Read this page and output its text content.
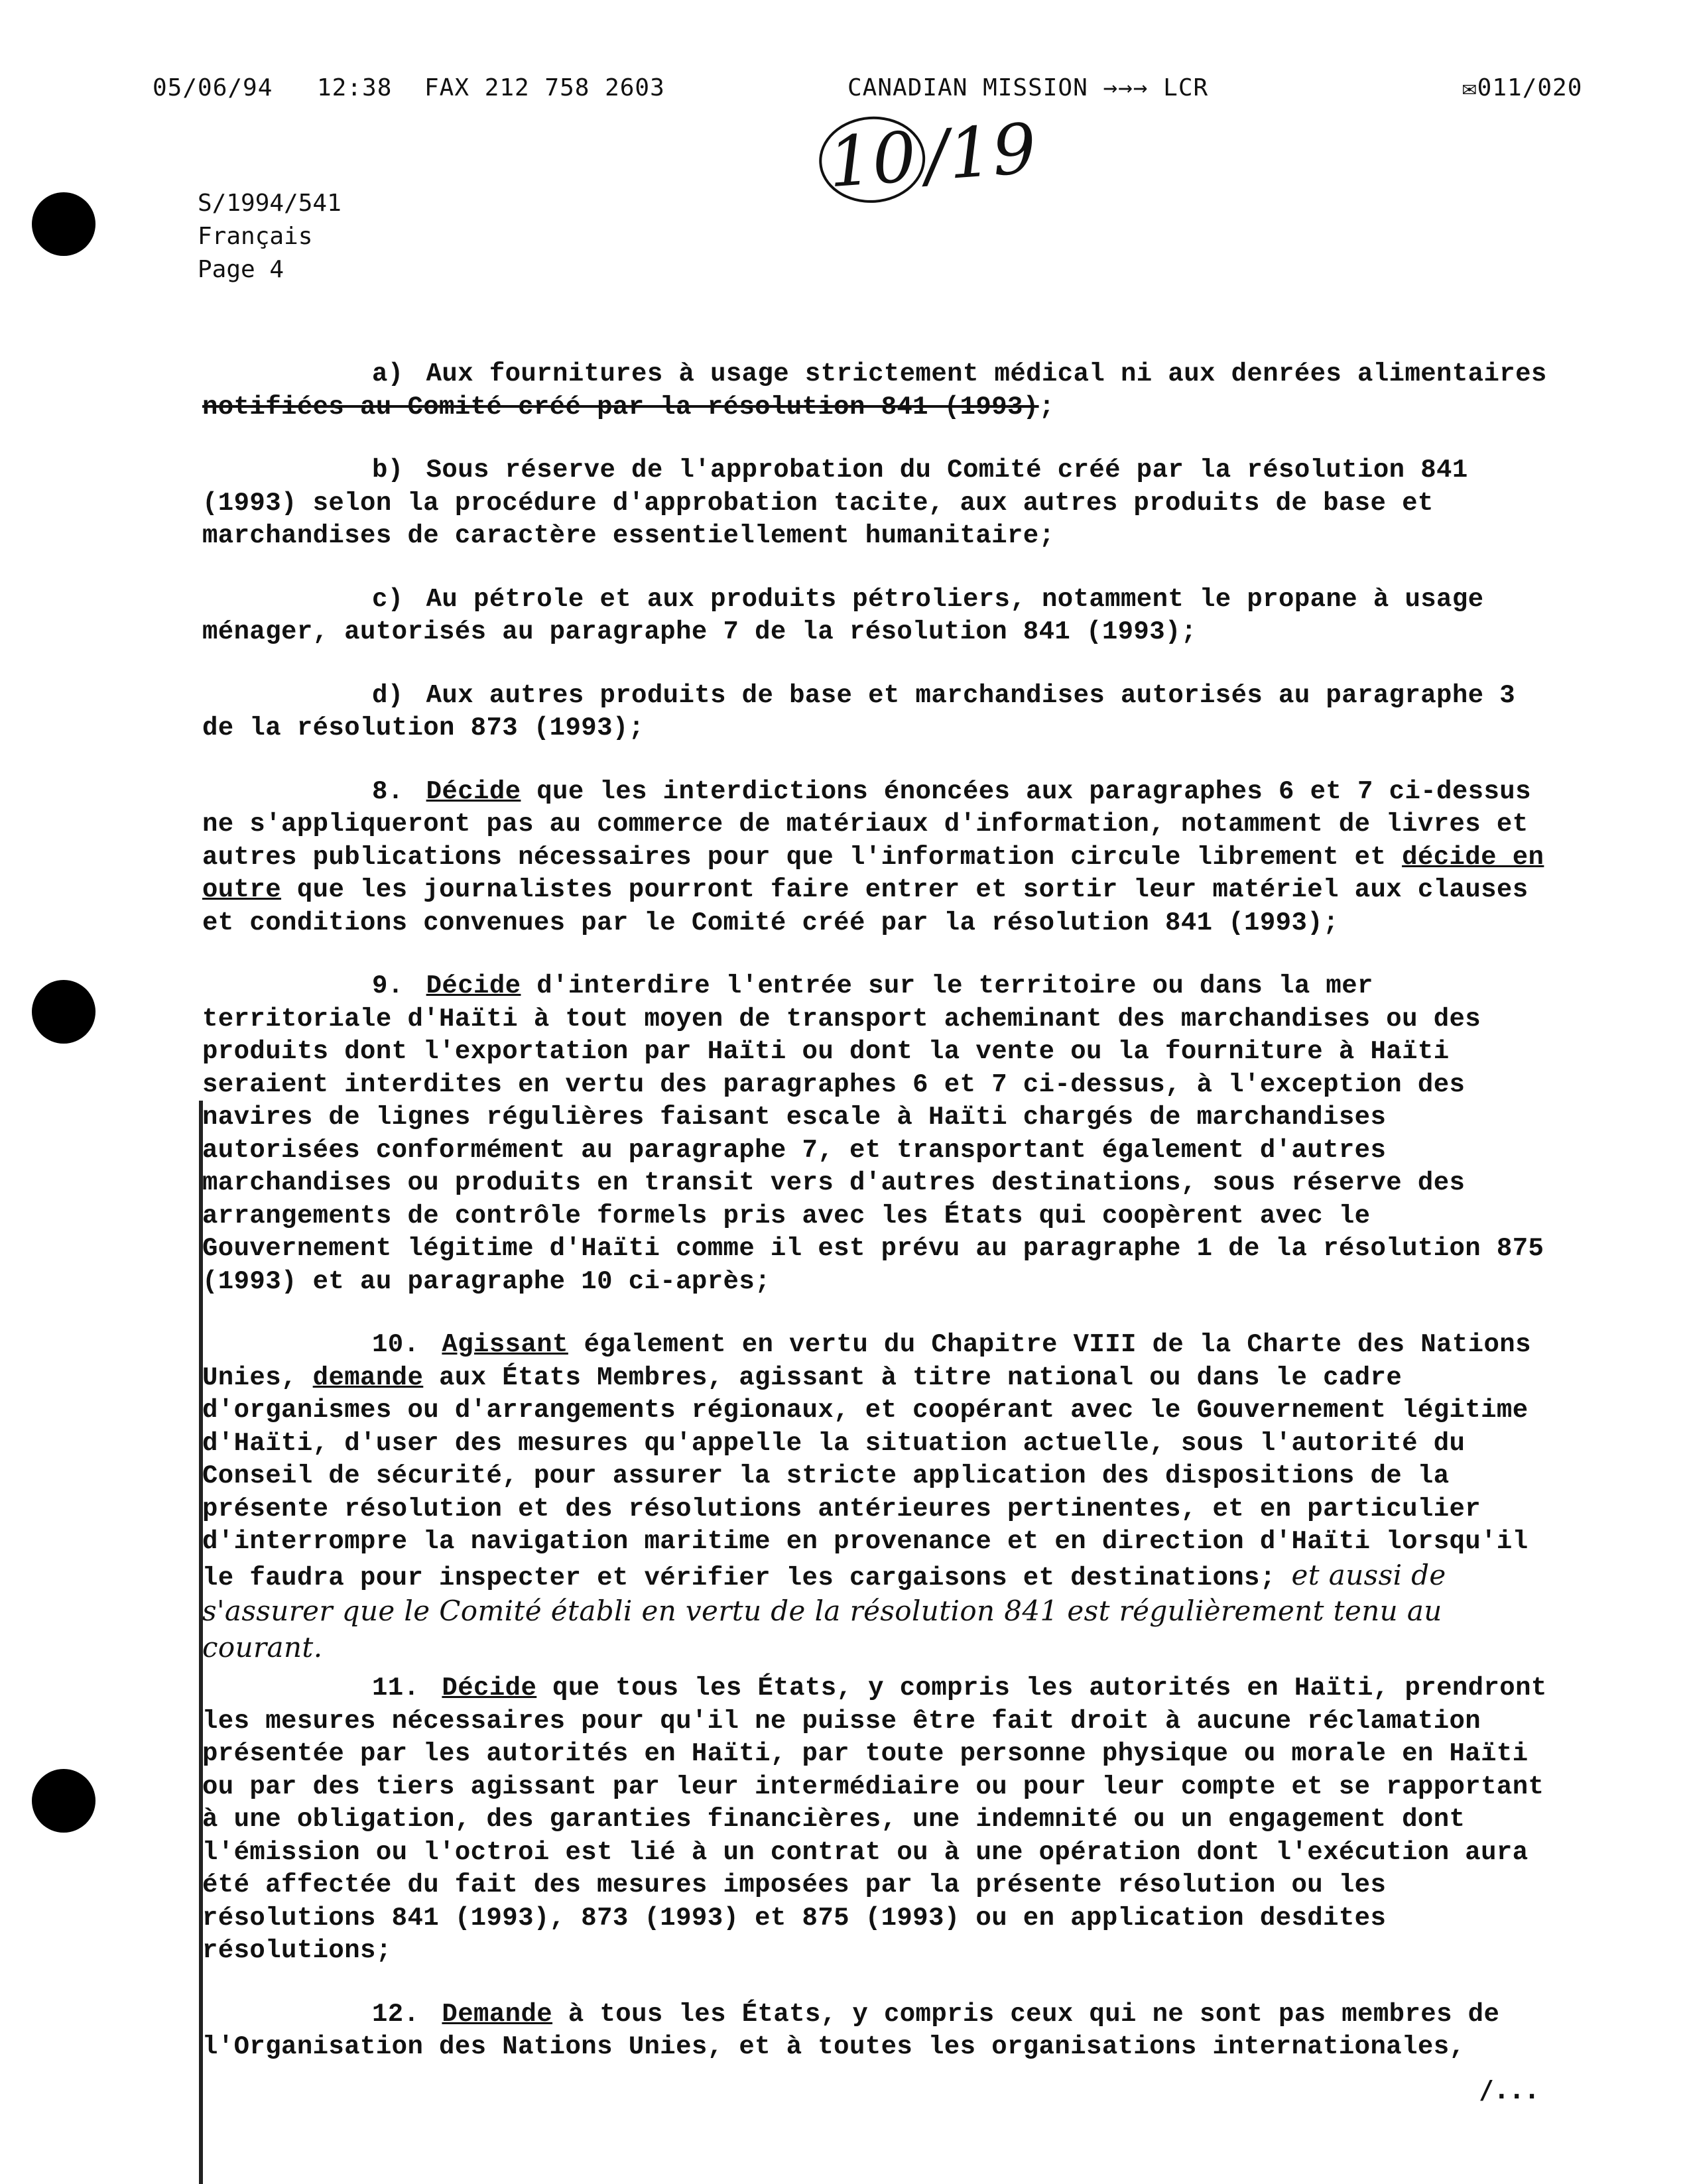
05/06/94 12:38 FAX 212 758 2603	CANADIAN MISSION →→→ LCR	✉011/020
10/19
S/1994/541
Français
Page 4

a) Aux fournitures à usage strictement médical ni aux denrées alimentaires notifiées au Comité créé par la résolution 841 (1993);

b) Sous réserve de l'approbation du Comité créé par la résolution 841 (1993) selon la procédure d'approbation tacite, aux autres produits de base et marchandises de caractère essentiellement humanitaire;

c) Au pétrole et aux produits pétroliers, notamment le propane à usage ménager, autorisés au paragraphe 7 de la résolution 841 (1993);

d) Aux autres produits de base et marchandises autorisés au paragraphe 3 de la résolution 873 (1993);

8. Décide que les interdictions énoncées aux paragraphes 6 et 7 ci-dessus ne s'appliqueront pas au commerce de matériaux d'information, notamment de livres et autres publications nécessaires pour que l'information circule librement et décide en outre que les journalistes pourront faire entrer et sortir leur matériel aux clauses et conditions convenues par le Comité créé par la résolution 841 (1993);

9. Décide d'interdire l'entrée sur le territoire ou dans la mer territoriale d'Haïti à tout moyen de transport acheminant des marchandises ou des produits dont l'exportation par Haïti ou dont la vente ou la fourniture à Haïti seraient interdites en vertu des paragraphes 6 et 7 ci-dessus, à l'exception des navires de lignes régulières faisant escale à Haïti chargés de marchandises autorisées conformément au paragraphe 7, et transportant également d'autres marchandises ou produits en transit vers d'autres destinations, sous réserve des arrangements de contrôle formels pris avec les États qui coopèrent avec le Gouvernement légitime d'Haïti comme il est prévu au paragraphe 1 de la résolution 875 (1993) et au paragraphe 10 ci-après;

10. Agissant également en vertu du Chapitre VIII de la Charte des Nations Unies, demande aux États Membres, agissant à titre national ou dans le cadre d'organismes ou d'arrangements régionaux, et coopérant avec le Gouvernement légitime d'Haïti, d'user des mesures qu'appelle la situation actuelle, sous l'autorité du Conseil de sécurité, pour assurer la stricte application des dispositions de la présente résolution et des résolutions antérieures pertinentes, et en particulier d'interrompre la navigation maritime en provenance et en direction d'Haïti lorsqu'il le faudra pour inspecter et vérifier les cargaisons et destinations; et aussi de s'assurer que le Comité établi en vertu de la résolution 841 est régulièrement tenu au courant.

11. Décide que tous les États, y compris les autorités en Haïti, prendront les mesures nécessaires pour qu'il ne puisse être fait droit à aucune réclamation présentée par les autorités en Haïti, par toute personne physique ou morale en Haïti ou par des tiers agissant par leur intermédiaire ou pour leur compte et se rapportant à une obligation, des garanties financières, une indemnité ou un engagement dont l'émission ou l'octroi est lié à un contrat ou à une opération dont l'exécution aura été affectée du fait des mesures imposées par la présente résolution ou les résolutions 841 (1993), 873 (1993) et 875 (1993) ou en application desdites résolutions;

12. Demande à tous les États, y compris ceux qui ne sont pas membres de l'Organisation des Nations Unies, et à toutes les organisations internationales,

/...
